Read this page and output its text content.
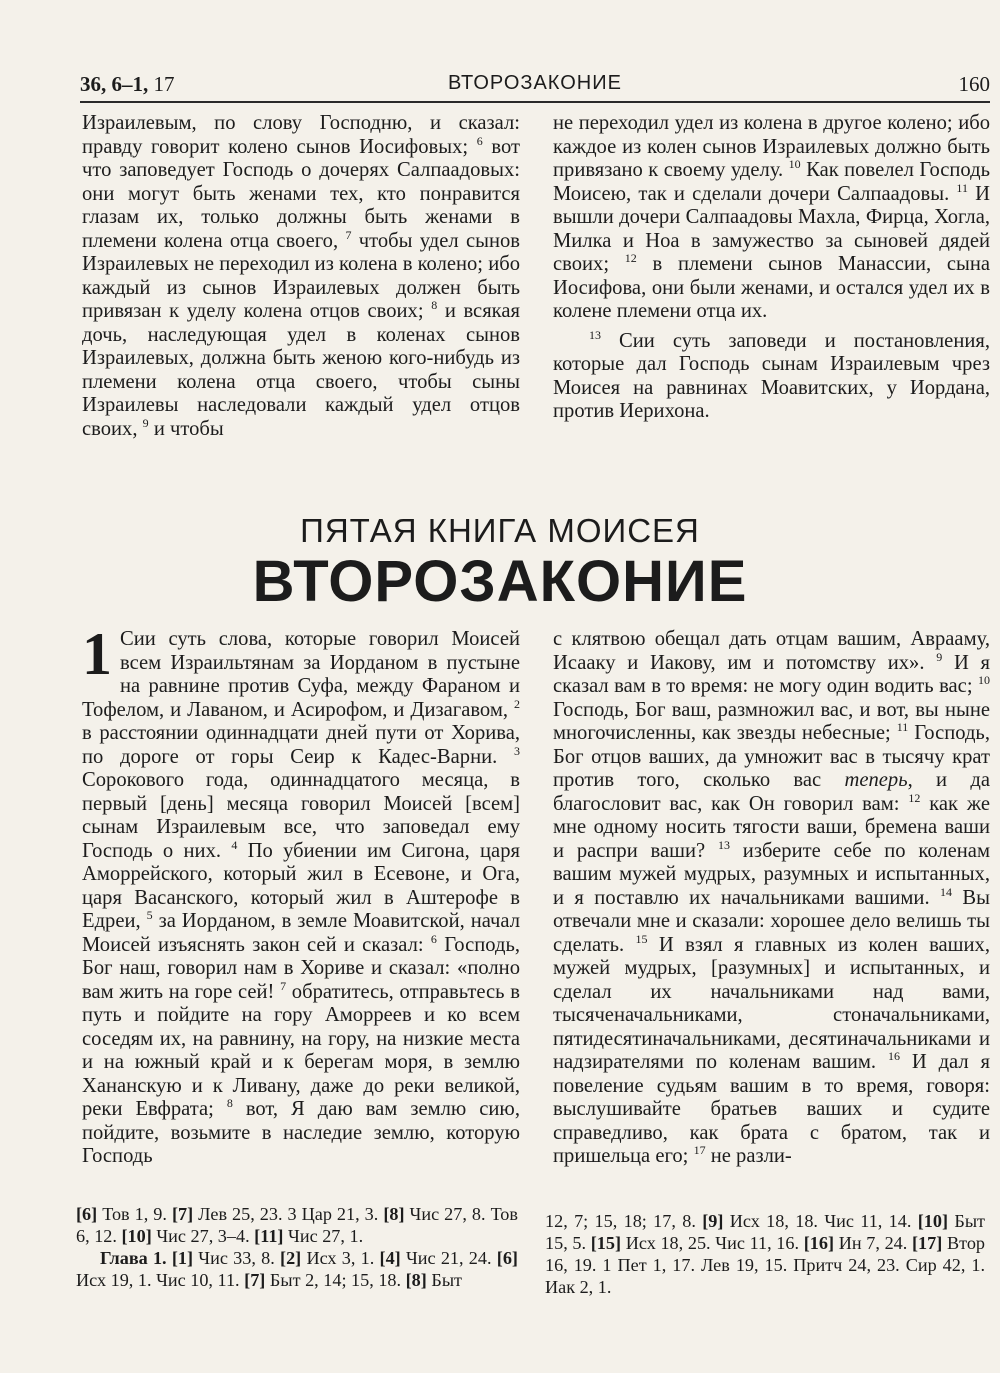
36, 6–1, 17	ВТОРОЗАКОНИЕ	160

Израилевым, по слову Господню, и сказал: правду говорит колено сынов Иосифовых; $^6$ вот что заповедует Господь о дочерях Салпаадовых: они могут быть женами тех, кто понравится глазам их, только должны быть женами в племени колена отца своего, $^7$ чтобы удел сынов Израилевых не переходил из колена в колено; ибо каждый из сынов Израилевых должен быть привязан к уделу колена отцов своих; $^8$ и всякая дочь, наследующая удел в коленах сынов Израилевых, должна быть женою кого-нибудь из племени колена отца своего, чтобы сыны Израилевы наследовали каждый удел отцов своих, $^9$ и чтобы

не переходил удел из колена в другое колено; ибо каждое из колен сынов Израилевых должно быть привязано к своему уделу. $^{10}$ Как повелел Господь Моисею, так и сделали дочери Салпаадовы. $^{11}$ И вышли дочери Салпаадовы Махла, Фирца, Хогла, Милка и Ноа в замужество за сыновей дядей своих; $^{12}$ в племени сынов Манассии, сына Иосифова, они были женами, и остался удел их в колене племени отца их.

$^{13}$ Сии суть заповеди и постановления, которые дал Господь сынам Израилевым чрез Моисея на равнинах Моавитских, у Иордана, против Иерихона.

ПЯТАЯ КНИГА МОИСЕЯ
ВТОРОЗАКОНИЕ

1 Сии суть слова, которые говорил Моисей всем Израильтянам за Иорданом в пустыне на равнине против Суфа, между Фараном и Тофелом, и Лаваном, и Асирофом, и Дизагавом, $^2$ в расстоянии одиннадцати дней пути от Хорива, по дороге от горы Сеир к Кадес-Варни. $^3$ Сорокового года, одиннадцатого месяца, в первый [день] месяца говорил Моисей [всем] сынам Израилевым все, что заповедал ему Господь о них. $^4$ По убиении им Сигона, царя Аморрейского, который жил в Есевоне, и Ога, царя Васанского, который жил в Аштерофе в Едреи, $^5$ за Иорданом, в земле Моавитской, начал Моисей изъяснять закон сей и сказал: $^6$ Господь, Бог наш, говорил нам в Хориве и сказал: «полно вам жить на горе сей! $^7$ обратитесь, отправьтесь в путь и пойдите на гору Аморреев и ко всем соседям их, на равнину, на гору, на низкие места и на южный край и к берегам моря, в землю Хананскую и к Ливану, даже до реки великой, реки Евфрата; $^8$ вот, Я даю вам землю сию, пойдите, возьмите в наследие землю, которую Господь

с клятвою обещал дать отцам вашим, Аврааму, Исааку и Иакову, им и потомству их». $^9$ И я сказал вам в то время: не могу один водить вас; $^{10}$ Господь, Бог ваш, размножил вас, и вот, вы ныне многочисленны, как звезды небесные; $^{11}$ Господь, Бог отцов ваших, да умножит вас в тысячу крат против того, сколько вас теперь, и да благословит вас, как Он говорил вам: $^{12}$ как же мне одному носить тягости ваши, бремена ваши и распри ваши? $^{13}$ изберите себе по коленам вашим мужей мудрых, разумных и испытанных, и я поставлю их начальниками вашими. $^{14}$ Вы отвечали мне и сказали: хорошее дело велишь ты сделать. $^{15}$ И взял я главных из колен ваших, мужей мудрых, [разумных] и испытанных, и сделал их начальниками над вами, тысяченачальниками, стоначальниками, пятидесятиначальниками, десятиначальниками и надзирателями по коленам вашим. $^{16}$ И дал я повеление судьям вашим в то время, говоря: выслушивайте братьев ваших и судите справедливо, как брата с братом, так и пришельца его; $^{17}$ не разли-

[6] Тов 1, 9. [7] Лев 25, 23. 3 Цар 21, 3. [8] Чис 27, 8. Тов 6, 12. [10] Чис 27, 3–4. [11] Чис 27, 1.

Глава 1. [1] Чис 33, 8. [2] Исх 3, 1. [4] Чис 21, 24. [6] Исх 19, 1. Чис 10, 11. [7] Быт 2, 14; 15, 18. [8] Быт

12, 7; 15, 18; 17, 8. [9] Исх 18, 18. Чис 11, 14. [10] Быт 15, 5. [15] Исх 18, 25. Чис 11, 16. [16] Ин 7, 24. [17] Втор 16, 19. 1 Пет 1, 17. Лев 19, 15. Притч 24, 23. Сир 42, 1. Иак 2, 1.
